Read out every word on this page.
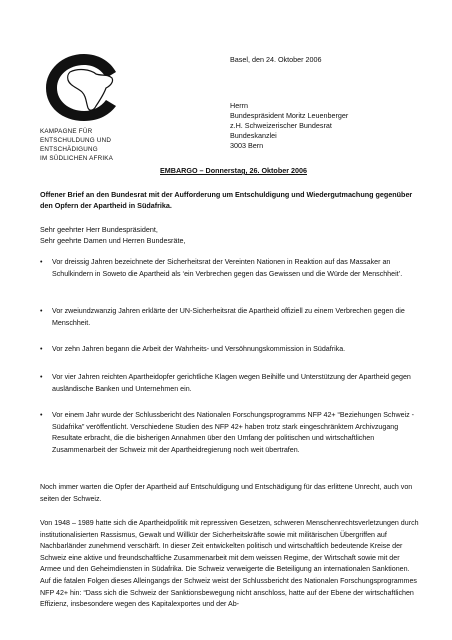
KAMPAGNE FÜR
ENTSCHULDUNG UND
ENTSCHÄDIGUNG
IM SÜDLICHEN AFRIKA
Basel, den 24. Oktober 2006
Herrn
Bundespräsident Moritz Leuenberger
z.H. Schweizerischer Bundesrat
Bundeskanzlei
3003 Bern
EMBARGO – Donnerstag, 26. Oktober 2006
Offener Brief an den Bundesrat mit der Aufforderung um Entschuldigung und Wiedergutmachung gegenüber den Opfern der Apartheid in Südafrika.
Sehr geehrter Herr Bundespräsident,
Sehr geehrte Damen und Herren Bundesräte,
• Vor dreissig Jahren bezeichnete der Sicherheitsrat der Vereinten Nationen in Reaktion auf das Massaker an Schulkindern in Soweto die Apartheid als ‘ein Verbrechen gegen das Gewissen und die Würde der Menschheit’.
• Vor zweiundzwanzig Jahren erklärte der UN-Sicherheitsrat die Apartheid offiziell zu einem Verbrechen gegen die Menschheit.
• Vor zehn Jahren begann die Arbeit der Wahrheits- und Versöhnungskommission in Südafrika.
• Vor vier Jahren reichten Apartheidopfer gerichtliche Klagen wegen Beihilfe und Unterstützung der Apartheid gegen ausländische Banken und Unternehmen ein.
• Vor einem Jahr wurde der Schlussbericht des Nationalen Forschungsprogramms NFP 42+ “Beziehungen Schweiz - Südafrika” veröffentlicht. Verschiedene Studien des NFP 42+ haben trotz stark eingeschränktem Archivzugang Resultate erbracht, die die bisherigen Annahmen über den Umfang der politischen und wirtschaftlichen Zusammenarbeit der Schweiz mit der Apartheidregierung noch weit übertrafen.

Noch immer warten die Opfer der Apartheid auf Entschuldigung und Entschädigung für das erlittene Unrecht, auch von seiten der Schweiz.

Von 1948 – 1989 hatte sich die Apartheidpolitik mit repressiven Gesetzen, schweren Menschenrechtsverletzungen durch institutionalisierten Rassismus, Gewalt und Willkür der Sicherheitskräfte sowie mit militärischen Übergriffen auf Nachbarländer zunehmend verschärft. In dieser Zeit entwickelten politisch und wirtschaftlich bedeutende Kreise der Schweiz eine aktive und freundschaftliche Zusammenarbeit mit dem weissen Regime, der Wirtschaft sowie mit der Armee und den Geheimdiensten in Südafrika. Die Schweiz verweigerte die Beteiligung an internationalen Sanktionen. Auf die fatalen Folgen dieses Alleingangs der Schweiz weist der Schlussbericht des Nationalen Forschungsprogrammes NFP 42+ hin: “Dass sich die Schweiz der Sanktionsbewegung nicht anschloss, hatte auf der Ebene der wirtschaftlichen Effizienz, insbesondere wegen des Kapitalexportes und der Ab-
